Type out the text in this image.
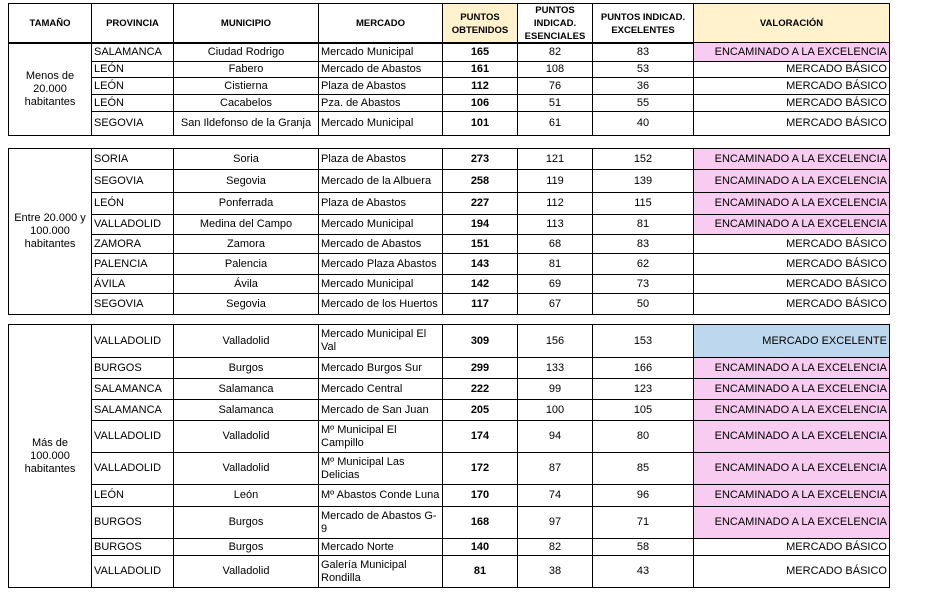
TAMAÑO	PROVINCIA	MUNICIPIO	MERCADO	PUNTOS OBTENIDOS	PUNTOS INDICAD. ESENCIALES	PUNTOS INDICAD. EXCELENTES	VALORACIÓN
Menos de 20.000 habitantes	SALAMANCA	Ciudad Rodrigo	Mercado Municipal	165	82	83	ENCAMINADO A LA EXCELENCIA
	LEÓN	Fabero	Mercado de Abastos	161	108	53	MERCADO BÁSICO
	LEÓN	Cistierna	Plaza de Abastos	112	76	36	MERCADO BÁSICO
	LEÓN	Cacabelos	Pza. de Abastos	106	51	55	MERCADO BÁSICO
	SEGOVIA	San Ildefonso de la Granja	Mercado Municipal	101	61	40	MERCADO BÁSICO
Entre 20.000 y 100.000 habitantes	SORIA	Soria	Plaza de Abastos	273	121	152	ENCAMINADO A LA EXCELENCIA
	SEGOVIA	Segovia	Mercado de la Albuera	258	119	139	ENCAMINADO A LA EXCELENCIA
	LEÓN	Ponferrada	Plaza de Abastos	227	112	115	ENCAMINADO A LA EXCELENCIA
	VALLADOLID	Medina del Campo	Mercado Municipal	194	113	81	ENCAMINADO A LA EXCELENCIA
	ZAMORA	Zamora	Mercado de Abastos	151	68	83	MERCADO BÁSICO
	PALENCIA	Palencia	Mercado Plaza Abastos	143	81	62	MERCADO BÁSICO
	ÁVILA	Ávila	Mercado Municipal	142	69	73	MERCADO BÁSICO
	SEGOVIA	Segovia	Mercado de los Huertos	117	67	50	MERCADO BÁSICO
Más de 100.000 habitantes	VALLADOLID	Valladolid	Mercado Municipal El Val	309	156	153	MERCADO EXCELENTE
	BURGOS	Burgos	Mercado Burgos Sur	299	133	166	ENCAMINADO A LA EXCELENCIA
	SALAMANCA	Salamanca	Mercado Central	222	99	123	ENCAMINADO A LA EXCELENCIA
	SALAMANCA	Salamanca	Mercado de San Juan	205	100	105	ENCAMINADO A LA EXCELENCIA
	VALLADOLID	Valladolid	Mº Municipal El Campillo	174	94	80	ENCAMINADO A LA EXCELENCIA
	VALLADOLID	Valladolid	Mº Municipal Las Delicias	172	87	85	ENCAMINADO A LA EXCELENCIA
	LEÓN	León	Mº Abastos Conde Luna	170	74	96	ENCAMINADO A LA EXCELENCIA
	BURGOS	Burgos	Mercado de Abastos G-9	168	97	71	ENCAMINADO A LA EXCELENCIA
	BURGOS	Burgos	Mercado Norte	140	82	58	MERCADO BÁSICO
	VALLADOLID	Valladolid	Galería Municipal Rondilla	81	38	43	MERCADO BÁSICO
